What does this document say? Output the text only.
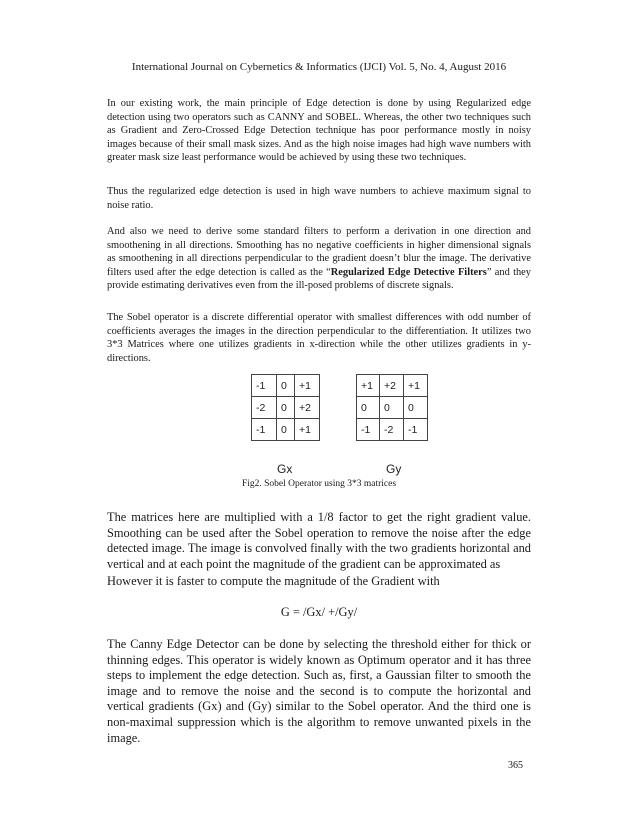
International Journal on Cybernetics & Informatics (IJCI) Vol. 5, No. 4, August 2016
In our existing work, the main principle of Edge detection is done by using Regularized edge detection using two operators such as CANNY and SOBEL. Whereas, the other two techniques such as Gradient and Zero-Crossed Edge Detection technique has poor performance mostly in noisy images because of their small mask sizes. And as the high noise images had high wave numbers with greater mask size least performance would be achieved by using these two techniques.
Thus the regularized edge detection is used in high wave numbers to achieve maximum signal to noise ratio.
And also we need to derive some standard filters to perform a derivation in one direction and smoothening in all directions. Smoothing has no negative coefficients in higher dimensional signals as smoothening in all directions perpendicular to the gradient doesn’t blur the image. The derivative filters used after the edge detection is called as the “Regularized Edge Detective Filters” and they provide estimating derivatives even from the ill-posed problems of discrete signals.
The Sobel operator is a discrete differential operator with smallest differences with odd number of coefficients averages the images in the direction perpendicular to the differentiation. It utilizes two 3*3 Matrices where one utilizes gradients in x-direction while the other utilizes gradients in y-directions.
-1	0	+1
-2	0	+2
-1	0	+1
+1	+2	+1
0	0	0
-1	-2	-1
Gx	Gy
Fig2. Sobel Operator using 3*3 matrices
The matrices here are multiplied with a 1/8 factor to get the right gradient value. Smoothing can be used after the Sobel operation to remove the noise after the edge detected image. The image is convolved finally with the two gradients horizontal and vertical and at each point the magnitude of the gradient can be approximated as
However it is faster to compute the magnitude of the Gradient with
G = /Gx/ +/Gy/
The Canny Edge Detector can be done by selecting the threshold either for thick or thinning edges. This operator is widely known as Optimum operator and it has three steps to implement the edge detection. Such as, first, a Gaussian filter to smooth the image and to remove the noise and the second is to compute the horizontal and vertical gradients (Gx) and (Gy) similar to the Sobel operator. And the third one is non-maximal suppression which is the algorithm to remove unwanted pixels in the image.
365
